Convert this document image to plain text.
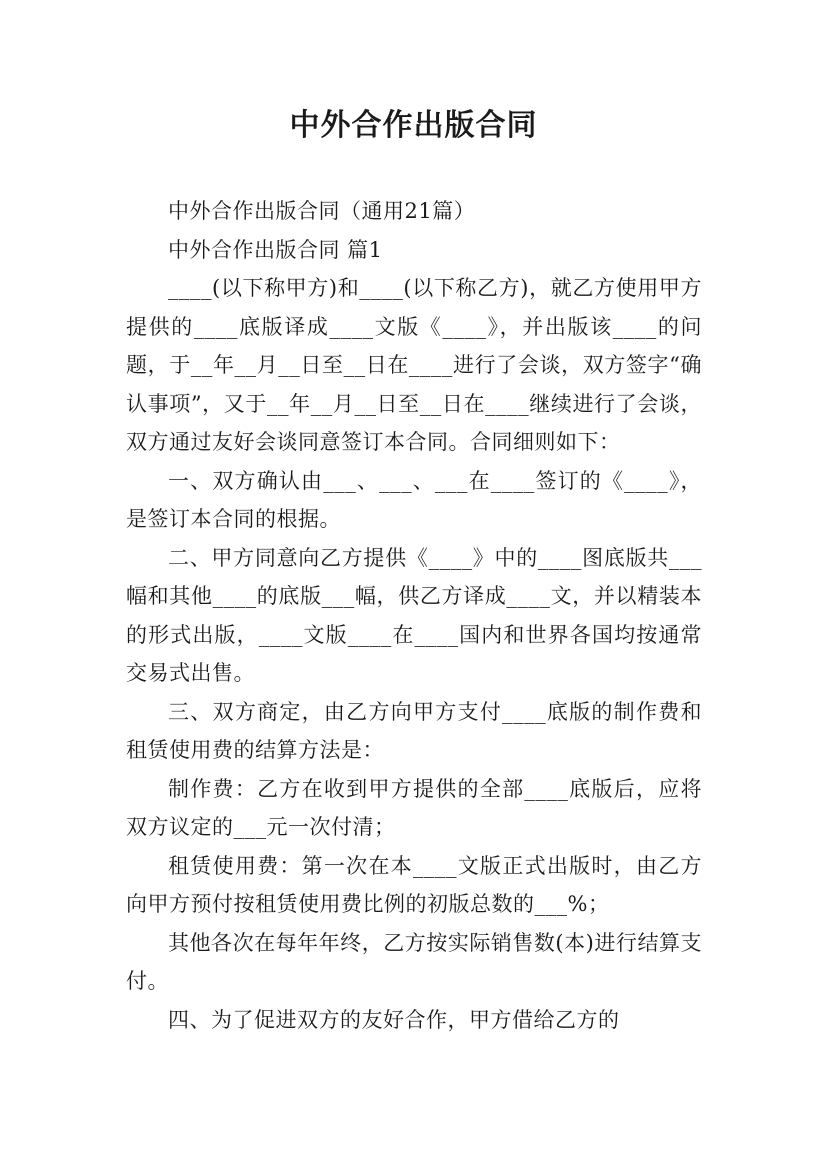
中外合作出版合同

中外合作出版合同（通用21篇）

中外合作出版合同 篇1

____(以下称甲方)和____(以下称乙方)，就乙方使用甲方提供的____底版译成____文版《____》，并出版该____的问题，于__年__月__日至__日在____进行了会谈，双方签字“确认事项”，又于__年__月__日至__日在____继续进行了会谈，双方通过友好会谈同意签订本合同。合同细则如下：

一、双方确认由___、___、___在____签订的《____》，是签订本合同的根据。

二、甲方同意向乙方提供《____》中的____图底版共___幅和其他____的底版___幅，供乙方译成____文，并以精装本的形式出版，____文版____在____国内和世界各国均按通常交易式出售。

三、双方商定，由乙方向甲方支付____底版的制作费和租赁使用费的结算方法是：

制作费：乙方在收到甲方提供的全部____底版后，应将双方议定的___元一次付清；

租赁使用费：第一次在本____文版正式出版时，由乙方向甲方预付按租赁使用费比例的初版总数的___%；

其他各次在每年年终，乙方按实际销售数(本)进行结算支付。

四、为了促进双方的友好合作，甲方借给乙方的
